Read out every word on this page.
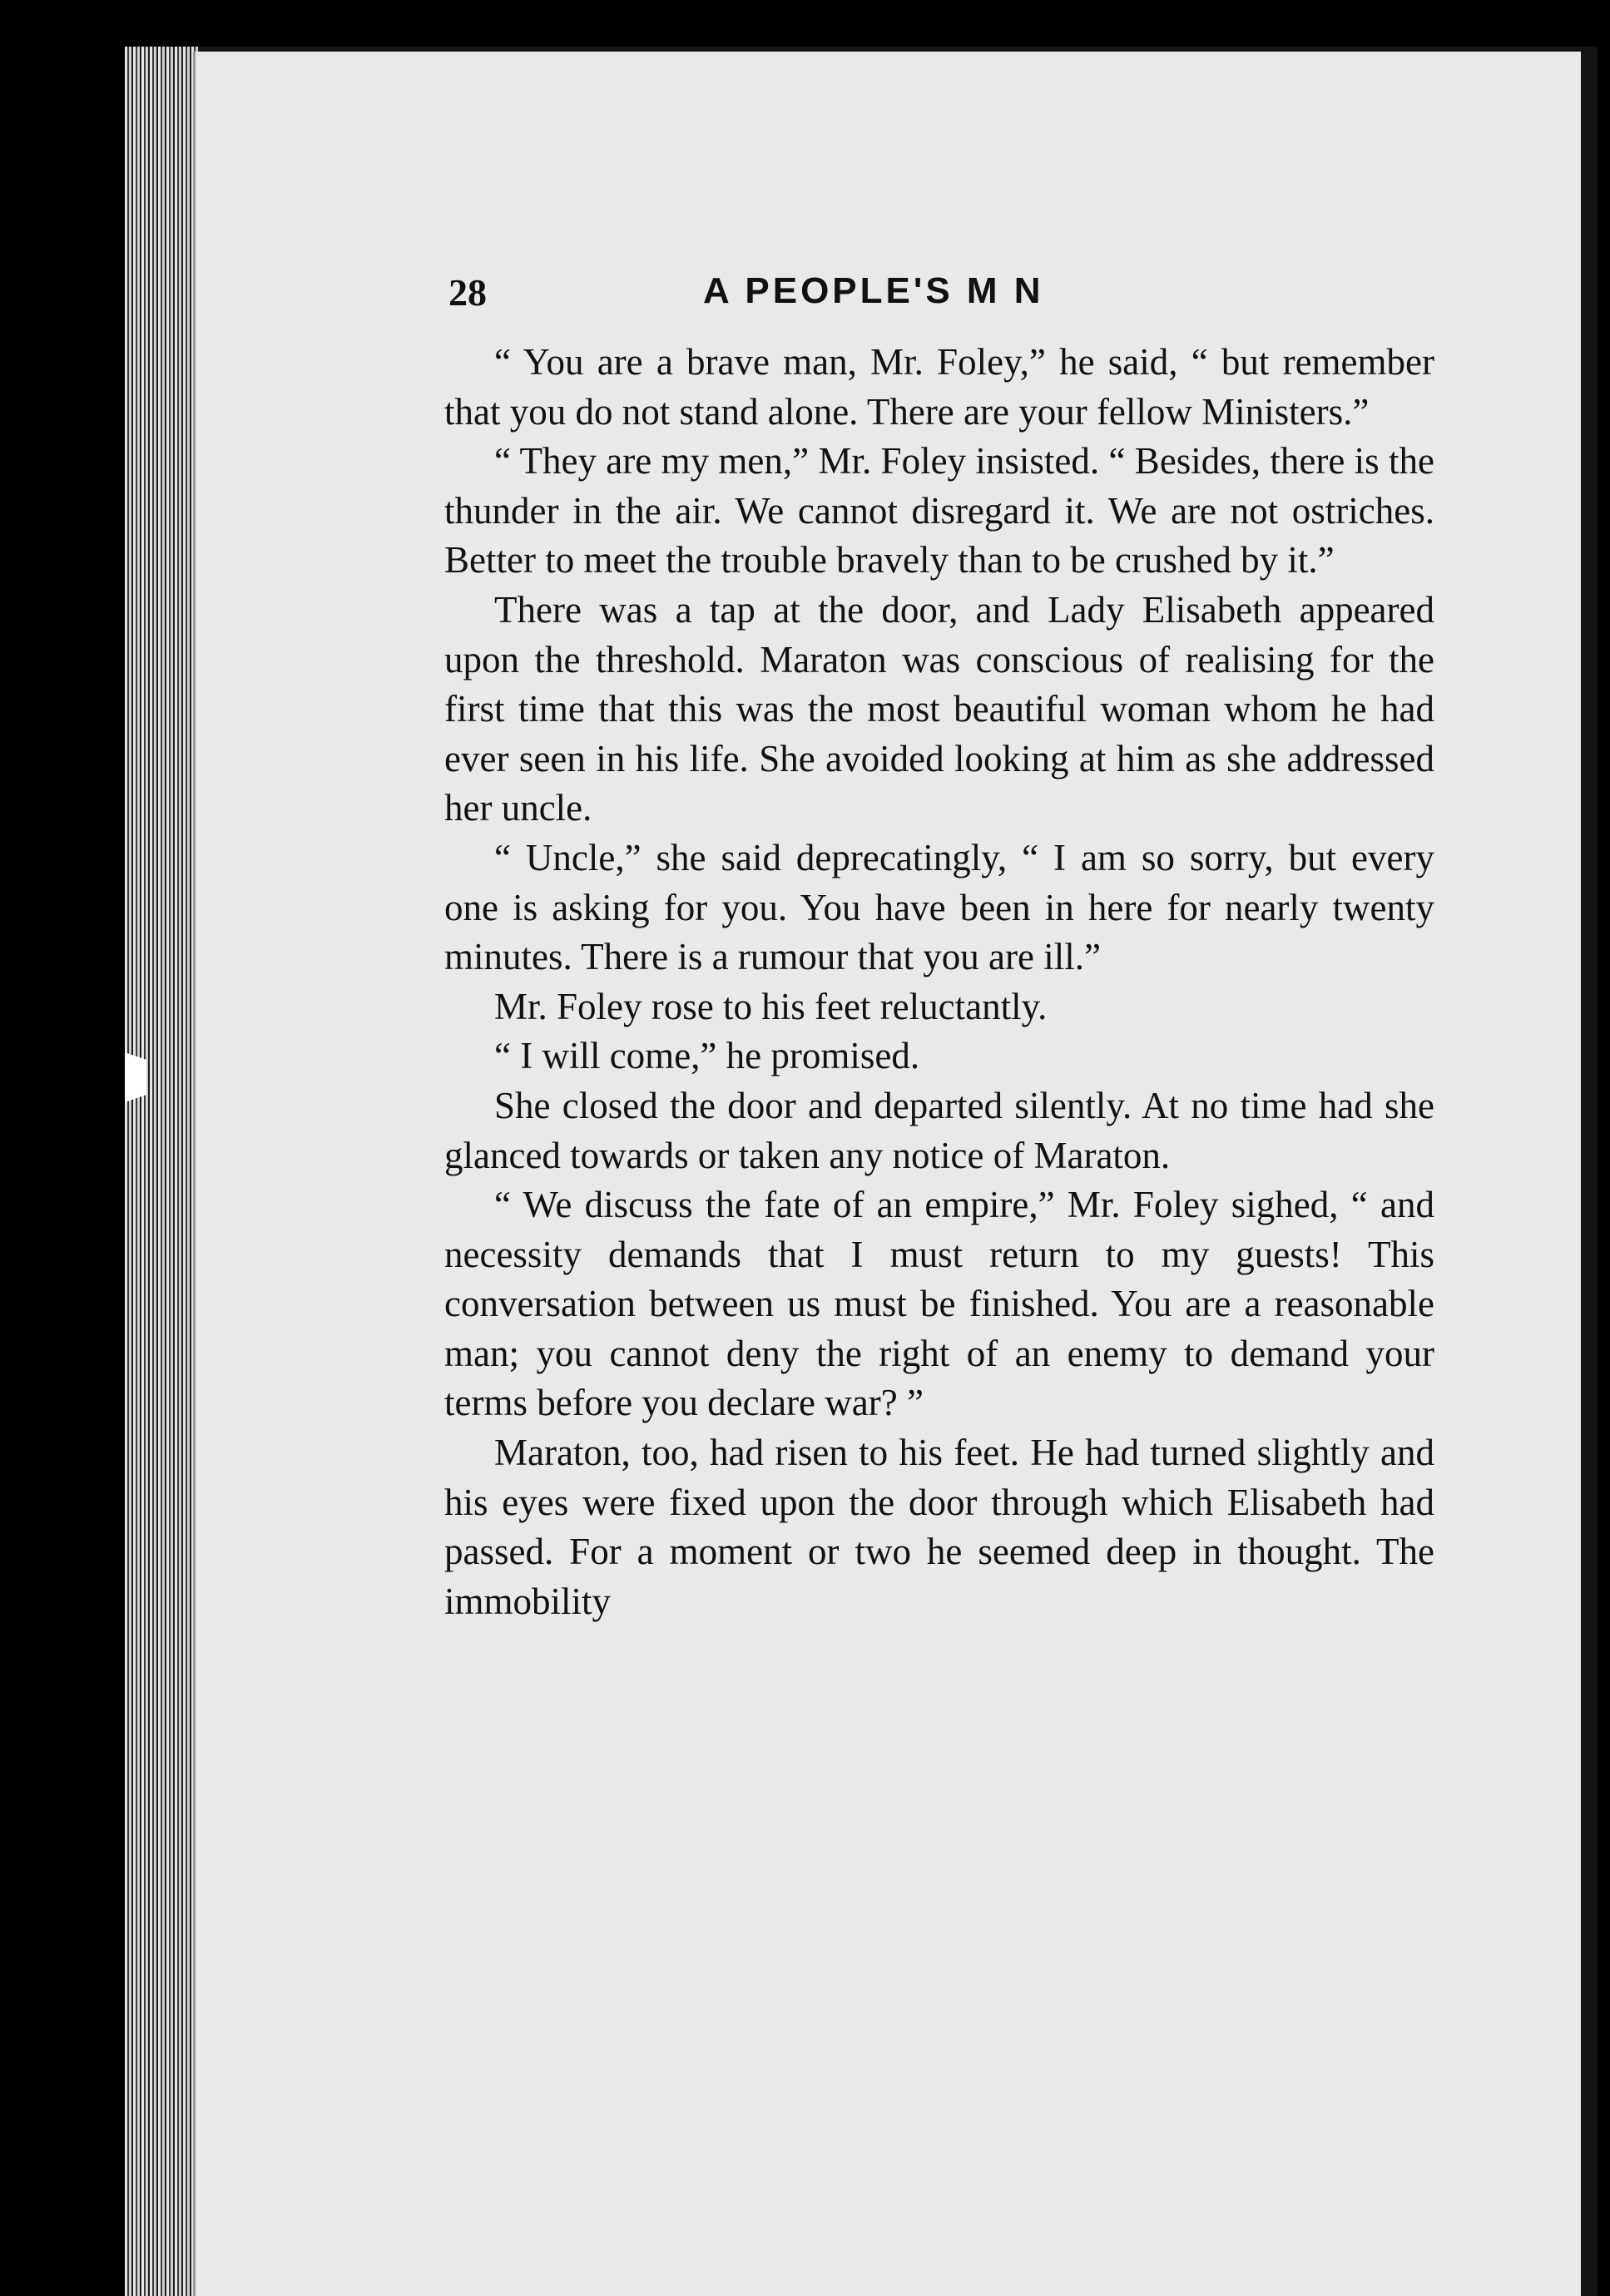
28	A PEOPLE'S M N

“ You are a brave man, Mr. Foley,” he said, “ but remember that you do not stand alone. There are your fellow Ministers.”

“ They are my men,” Mr. Foley insisted. “ Besides, there is the thunder in the air. We cannot disregard it. We are not ostriches. Better to meet the trouble bravely than to be crushed by it.”

There was a tap at the door, and Lady Elisabeth appeared upon the threshold. Maraton was conscious of realising for the first time that this was the most beautiful woman whom he had ever seen in his life. She avoided looking at him as she addressed her uncle.

“ Uncle,” she said deprecatingly, “ I am so sorry, but every one is asking for you. You have been in here for nearly twenty minutes. There is a rumour that you are ill.”

Mr. Foley rose to his feet reluctantly.

“ I will come,” he promised.

She closed the door and departed silently. At no time had she glanced towards or taken any notice of Maraton.

“ We discuss the fate of an empire,” Mr. Foley sighed, “ and necessity demands that I must return to my guests! This conversation between us must be finished. You are a reasonable man; you cannot deny the right of an enemy to demand your terms before you declare war? ”

Maraton, too, had risen to his feet. He had turned slightly and his eyes were fixed upon the door through which Elisabeth had passed. For a moment or two he seemed deep in thought. The immobility
